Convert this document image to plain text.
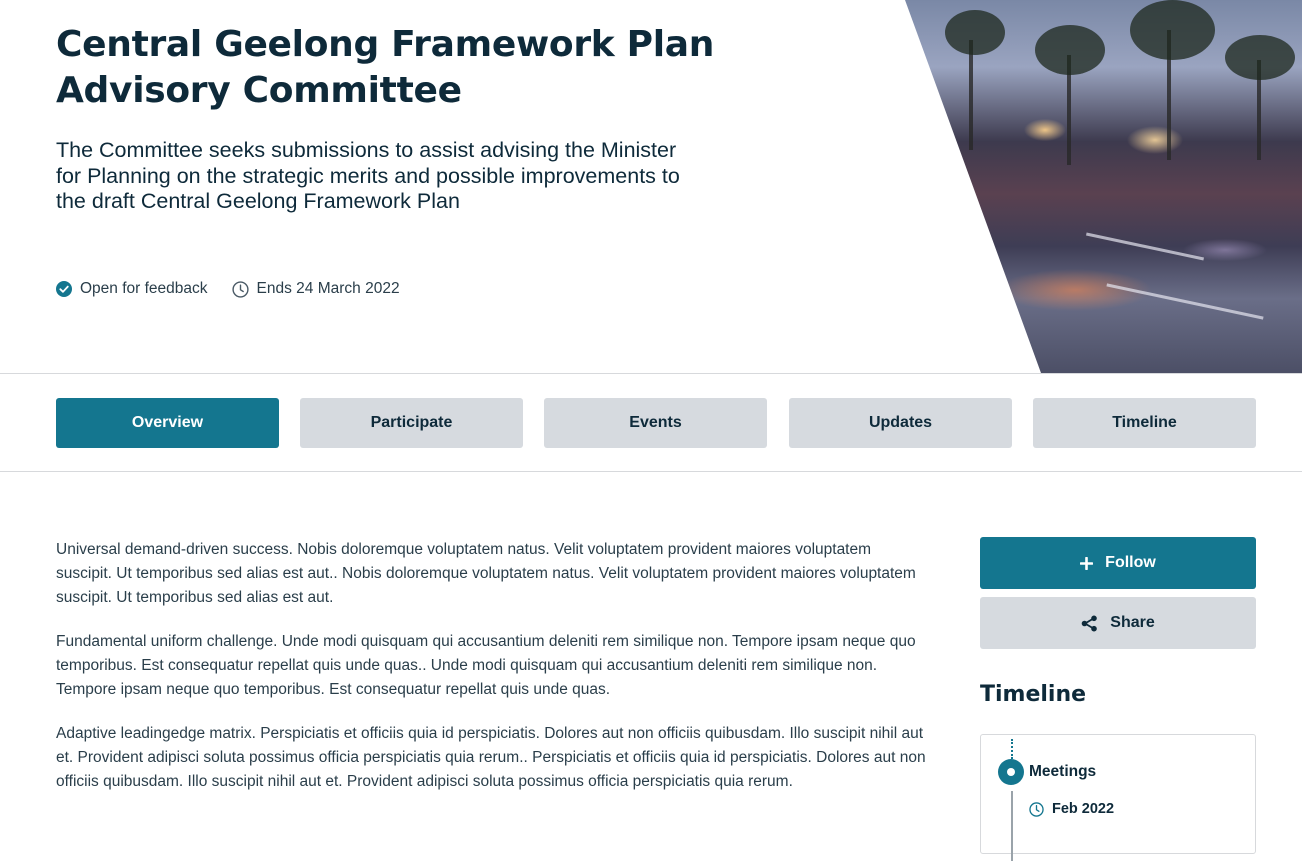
Central Geelong Framework Plan Advisory Committee

The Committee seeks submissions to assist advising the Minister for Planning on the strategic merits and possible improvements to the draft Central Geelong Framework Plan

Open for feedback	Ends 24 March 2022
Overview	Participate	Events	Updates	Timeline

Universal demand-driven success. Nobis doloremque voluptatem natus. Velit voluptatem provident maiores voluptatem suscipit. Ut temporibus sed alias est aut.. Nobis doloremque voluptatem natus. Velit voluptatem provident maiores voluptatem suscipit. Ut temporibus sed alias est aut.

Fundamental uniform challenge. Unde modi quisquam qui accusantium deleniti rem similique non. Tempore ipsam neque quo temporibus. Est consequatur repellat quis unde quas.. Unde modi quisquam qui accusantium deleniti rem similique non. Tempore ipsam neque quo temporibus. Est consequatur repellat quis unde quas.

Adaptive leadingedge matrix. Perspiciatis et officiis quia id perspiciatis. Dolores aut non officiis quibusdam. Illo suscipit nihil aut et. Provident adipisci soluta possimus officia perspiciatis quia rerum.. Perspiciatis et officiis quia id perspiciatis. Dolores aut non officiis quibusdam. Illo suscipit nihil aut et. Provident adipisci soluta possimus officia perspiciatis quia rerum.

Follow
Share
Timeline
Meetings
Feb 2022
